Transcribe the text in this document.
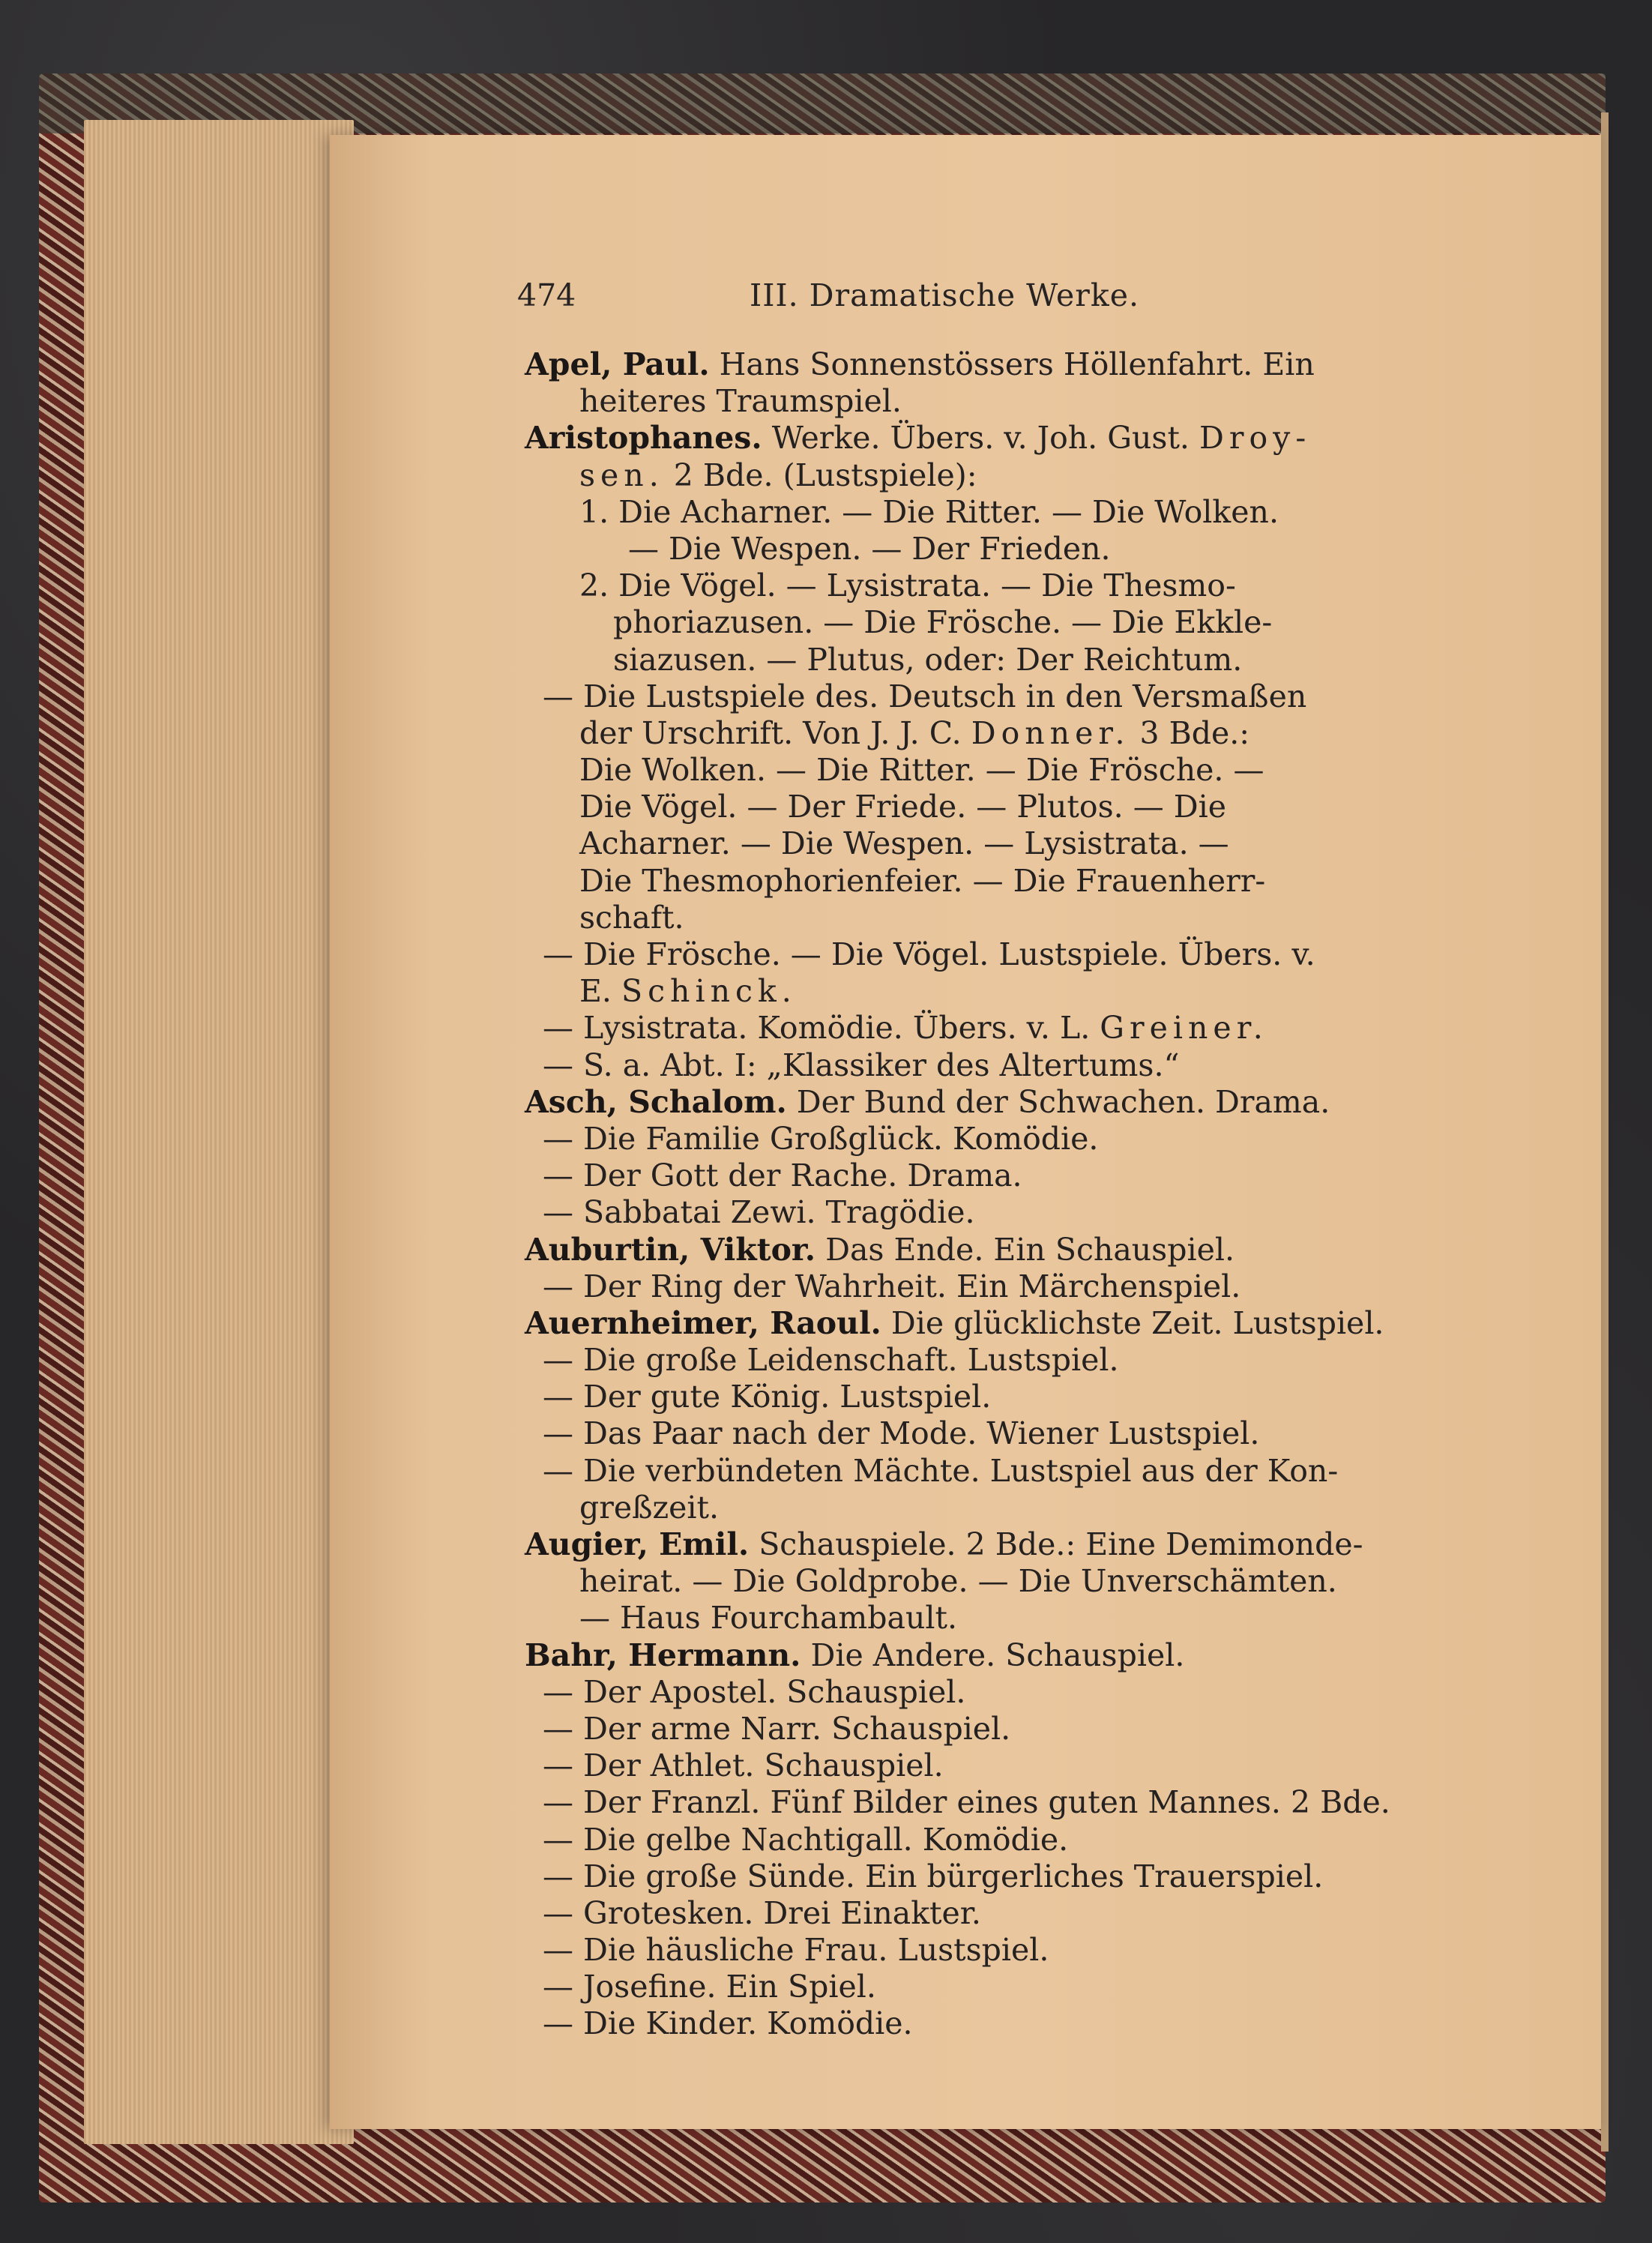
474	III. Dramatische Werke.
Apel, Paul. Hans Sonnenstössers Höllenfahrt. Ein
heiteres Traumspiel.
Aristophanes. Werke. Übers. v. Joh. Gust. Droy-
sen. 2 Bde. (Lustspiele):
1. Die Acharner. — Die Ritter. — Die Wolken.
— Die Wespen. — Der Frieden.
2. Die Vögel. — Lysistrata. — Die Thesmo-
phoriazusen. — Die Frösche. — Die Ekkle-
siazusen. — Plutus, oder: Der Reichtum.
— Die Lustspiele des. Deutsch in den Versmaßen
der Urschrift. Von J. J. C. Donner. 3 Bde.:
Die Wolken. — Die Ritter. — Die Frösche. —
Die Vögel. — Der Friede. — Plutos. — Die
Acharner. — Die Wespen. — Lysistrata. —
Die Thesmophorienfeier. — Die Frauenherr-
schaft.
— Die Frösche. — Die Vögel. Lustspiele. Übers. v.
E. Schinck.
— Lysistrata. Komödie. Übers. v. L. Greiner.
— S. a. Abt. I: „Klassiker des Altertums.“
Asch, Schalom. Der Bund der Schwachen. Drama.
— Die Familie Großglück. Komödie.
— Der Gott der Rache. Drama.
— Sabbatai Zewi. Tragödie.
Auburtin, Viktor. Das Ende. Ein Schauspiel.
— Der Ring der Wahrheit. Ein Märchenspiel.
Auernheimer, Raoul. Die glücklichste Zeit. Lustspiel.
— Die große Leidenschaft. Lustspiel.
— Der gute König. Lustspiel.
— Das Paar nach der Mode. Wiener Lustspiel.
— Die verbündeten Mächte. Lustspiel aus der Kon-
greßzeit.
Augier, Emil. Schauspiele. 2 Bde.: Eine Demimonde-
heirat. — Die Goldprobe. — Die Unverschämten.
— Haus Fourchambault.
Bahr, Hermann. Die Andere. Schauspiel.
— Der Apostel. Schauspiel.
— Der arme Narr. Schauspiel.
— Der Athlet. Schauspiel.
— Der Franzl. Fünf Bilder eines guten Mannes. 2 Bde.
— Die gelbe Nachtigall. Komödie.
— Die große Sünde. Ein bürgerliches Trauerspiel.
— Grotesken. Drei Einakter.
— Die häusliche Frau. Lustspiel.
— Josefine. Ein Spiel.
— Die Kinder. Komödie.
